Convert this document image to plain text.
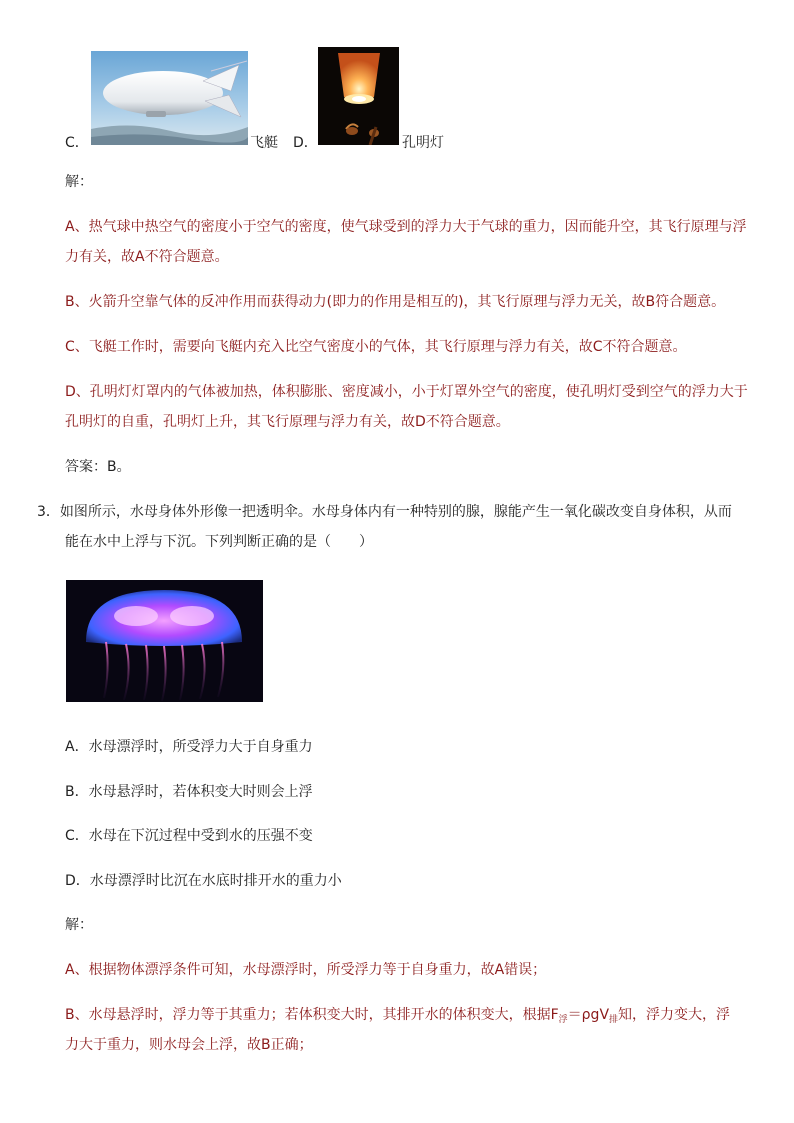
C．	飞艇 D．	孔明灯
解：
A、热气球中热空气的密度小于空气的密度，使气球受到的浮力大于气球的重力，因而能升空，其飞行原理与浮
力有关，故A不符合题意。
B、火箭升空靠气体的反冲作用而获得动力(即力的作用是相互的)，其飞行原理与浮力无关，故B符合题意。
C、飞艇工作时，需要向飞艇内充入比空气密度小的气体，其飞行原理与浮力有关，故C不符合题意。
D、孔明灯灯罩内的气体被加热，体积膨胀、密度减小，小于灯罩外空气的密度，使孔明灯受到空气的浮力大于
孔明灯的自重，孔明灯上升，其飞行原理与浮力有关，故D不符合题意。
答案：B。
3．如图所示，水母身体外形像一把透明伞。水母身体内有一种特别的腺，腺能产生一氧化碳改变自身体积，从而
能在水中上浮与下沉。下列判断正确的是（　　）
A．水母漂浮时，所受浮力大于自身重力
B．水母悬浮时，若体积变大时则会上浮
C．水母在下沉过程中受到水的压强不变
D．水母漂浮时比沉在水底时排开水的重力小
解：
A、根据物体漂浮条件可知，水母漂浮时，所受浮力等于自身重力，故A错误；
B、水母悬浮时，浮力等于其重力；若体积变大时，其排开水的体积变大，根据$F_浮=\rho gV_排$知，浮力变大，浮
力大于重力，则水母会上浮，故B正确；
